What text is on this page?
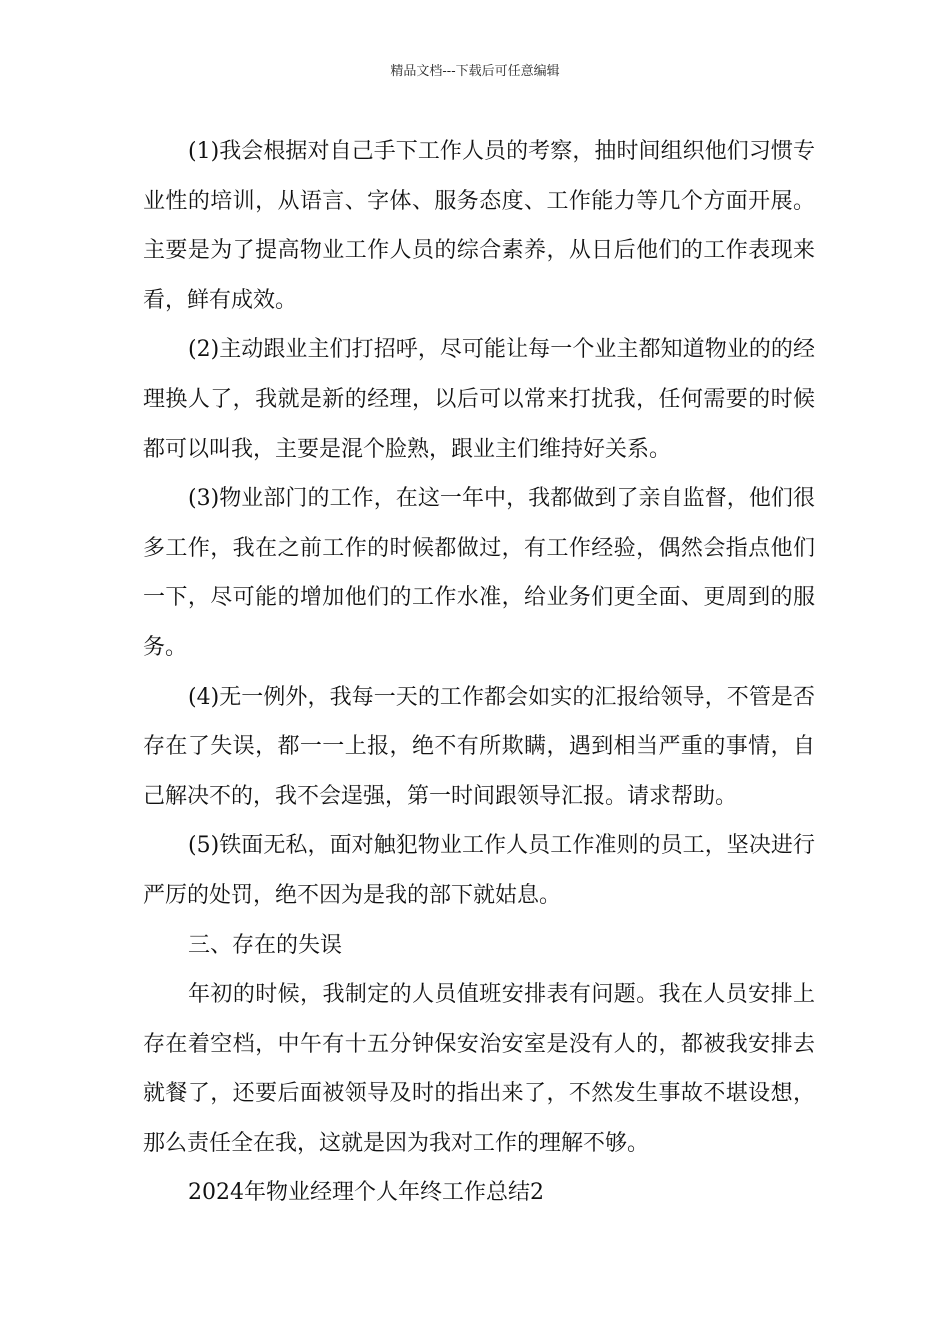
精品文档---下载后可任意编辑

(1)我会根据对自己手下工作人员的考察，抽时间组织他们习惯专业性的培训，从语言、字体、服务态度、工作能力等几个方面开展。主要是为了提高物业工作人员的综合素养，从日后他们的工作表现来看，鲜有成效。

(2)主动跟业主们打招呼，尽可能让每一个业主都知道物业的的经理换人了，我就是新的经理，以后可以常来打扰我，任何需要的时候都可以叫我，主要是混个脸熟，跟业主们维持好关系。

(3)物业部门的工作，在这一年中，我都做到了亲自监督，他们很多工作，我在之前工作的时候都做过，有工作经验，偶然会指点他们一下，尽可能的增加他们的工作水准，给业务们更全面、更周到的服务。

(4)无一例外，我每一天的工作都会如实的汇报给领导，不管是否存在了失误，都一一上报，绝不有所欺瞒，遇到相当严重的事情，自己解决不的，我不会逞强，第一时间跟领导汇报。请求帮助。

(5)铁面无私，面对触犯物业工作人员工作准则的员工，坚决进行严厉的处罚，绝不因为是我的部下就姑息。

三、存在的失误

年初的时候，我制定的人员值班安排表有问题。我在人员安排上存在着空档，中午有十五分钟保安治安室是没有人的，都被我安排去就餐了，还要后面被领导及时的指出来了，不然发生事故不堪设想，那么责任全在我，这就是因为我对工作的理解不够。

2024年物业经理个人年终工作总结2
